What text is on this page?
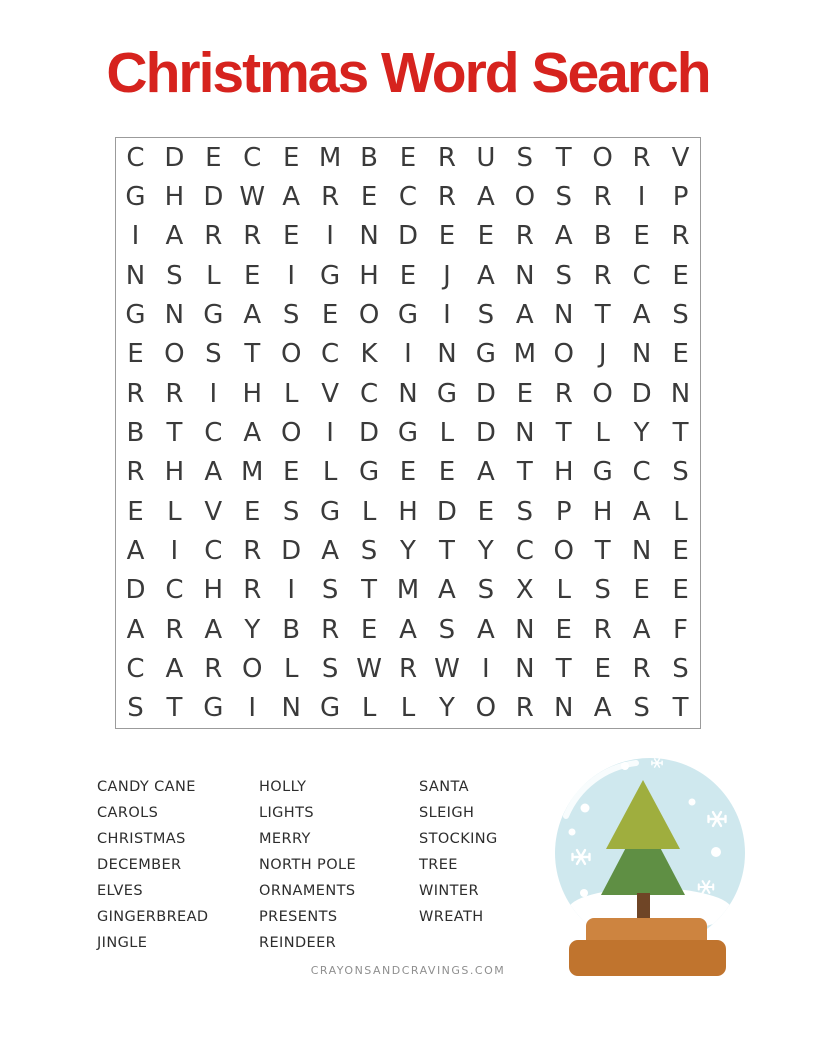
Christmas Word Search
C D E C E M B E R U S T O R V
G H D W A R E C R A O S R	I	P
I	A R R E	I N D E E R A B E R
N S L E	I G H E	J	A N S R C E
G N G A S E O G I	S A N T A S
E O S T O C K	I N G M O J N E
R R	I H L V C N G D E R O D N
B T C A O I D G L D N T L Y T
R H A M E L G E E A T H G C S
E L V E S G L H D E S P H A L
A	I	C R D A S Y T Y C O T N E
D C H R	I	S T M A S X L S E E
A R A Y B R E A S A N E R A F
C A R O L S W R W I N T E R S
S T G I N G L L Y O R N A S T
CANDY CANE
CAROLS
CHRISTMAS
DECEMBER
ELVES
GINGERBREAD
JINGLE
HOLLY
LIGHTS
MERRY
NORTH POLE
ORNAMENTS
PRESENTS
REINDEER
SANTA
SLEIGH
STOCKING
TREE
WINTER
WREATH
CRAYONSANDCRAVINGS.COM
